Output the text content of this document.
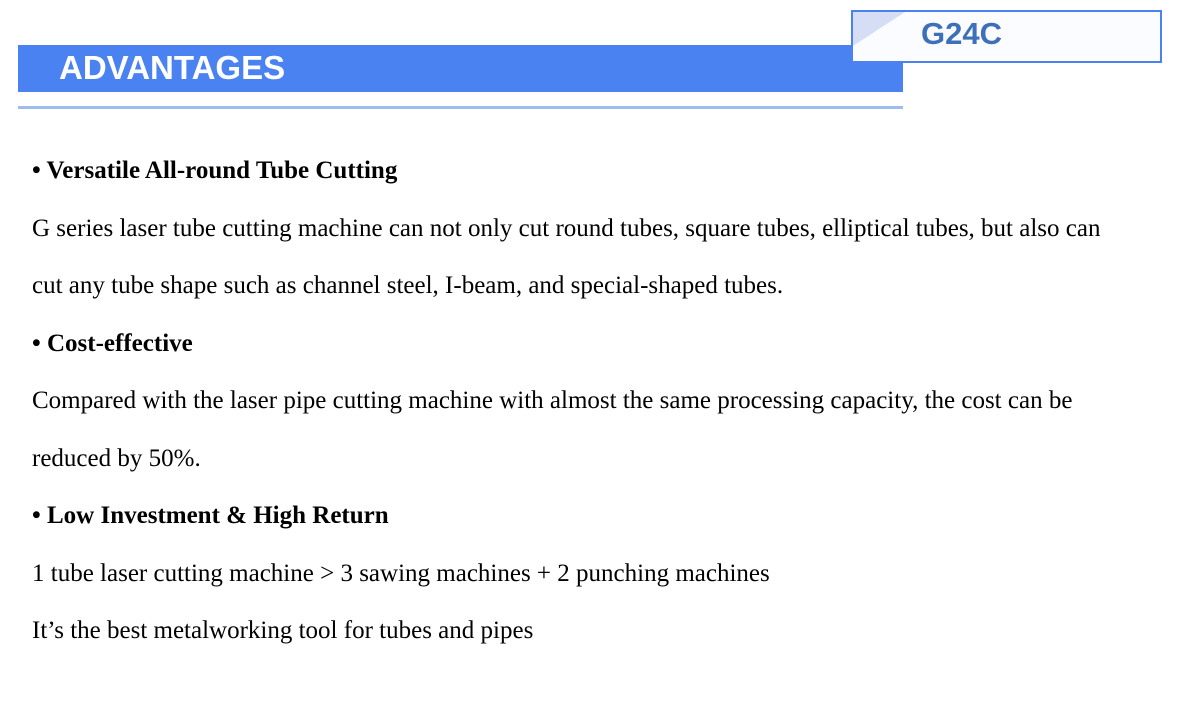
ADVANTAGES
G24C

• Versatile All-round Tube Cutting

G series laser tube cutting machine can not only cut round tubes, square tubes, elliptical tubes, but also can

cut any tube shape such as channel steel, I-beam, and special-shaped tubes.

• Cost-effective

Compared with the laser pipe cutting machine with almost the same processing capacity, the cost can be

reduced by 50%.

• Low Investment & High Return

1 tube laser cutting machine > 3 sawing machines + 2 punching machines

It’s the best metalworking tool for tubes and pipes
